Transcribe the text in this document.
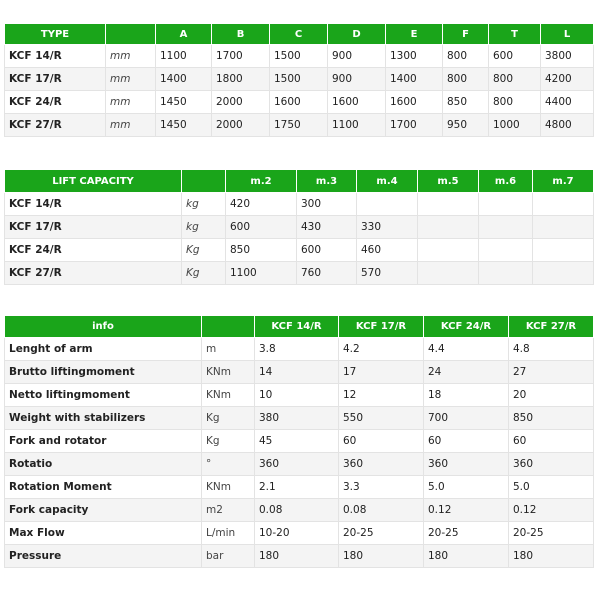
TYPE		A	B	C	D	E	F	T	L
KCF 14/R	mm	1100	1700	1500	900	1300	800	600	3800
KCF 17/R	mm	1400	1800	1500	900	1400	800	800	4200
KCF 24/R	mm	1450	2000	1600	1600	1600	850	800	4400
KCF 27/R	mm	1450	2000	1750	1100	1700	950	1000	4800
LIFT CAPACITY		m.2	m.3	m.4	m.5	m.6	m.7
KCF 14/R	kg	420	300				
KCF 17/R	kg	600	430	330			
KCF 24/R	Kg	850	600	460			
KCF 27/R	Kg	1100	760	570			
info		KCF 14/R	KCF 17/R	KCF 24/R	KCF 27/R
Lenght of arm	m	3.8	4.2	4.4	4.8
Brutto liftingmoment	KNm	14	17	24	27
Netto liftingmoment	KNm	10	12	18	20
Weight with stabilizers	Kg	380	550	700	850
Fork and rotator	Kg	45	60	60	60
Rotatio	°	360	360	360	360
Rotation Moment	KNm	2.1	3.3	5.0	5.0
Fork capacity	m2	0.08	0.08	0.12	0.12
Max Flow	L/min	10-20	20-25	20-25	20-25
Pressure	bar	180	180	180	180
